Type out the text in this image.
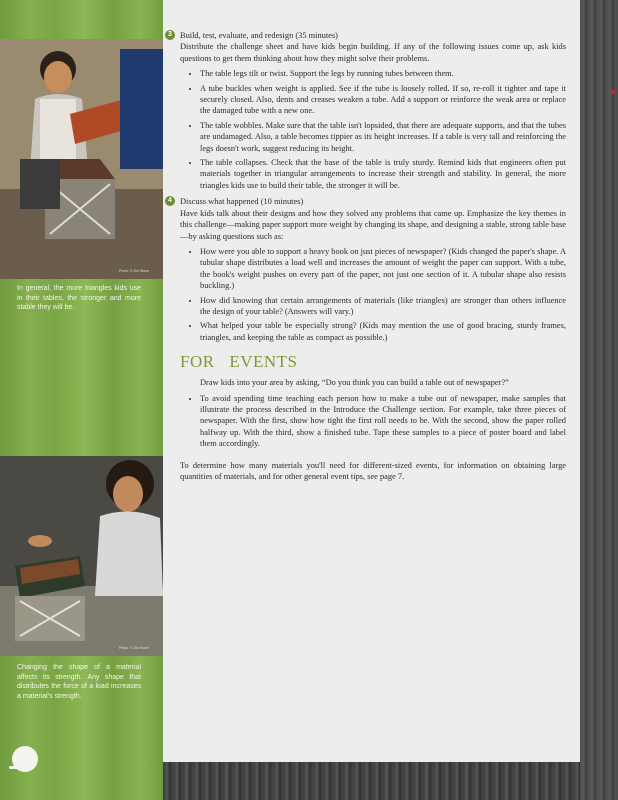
Photo: © Jim Stone
In general, the more triangles kids use in their tables, the stronger and more stable they will be.
Photo: © Jim Stone
Changing the shape of a material affects its strength. Any shape that distributes the force of a load increases a material's strength.
3 Build, test, evaluate, and redesign (35 minutes)

Distribute the challenge sheet and have kids begin building. If any of the following issues come up, ask kids questions to get them thinking about how they might solve their problems.

• The table legs tilt or twist. Support the legs by running tubes between them.
• A tube buckles when weight is applied. See if the tube is loosely rolled. If so, re-roll it tighter and tape it securely closed. Also, dents and creases weaken a tube. Add a support or reinforce the weak area or replace the damaged tube with a new one.
• The table wobbles. Make sure that the table isn't lopsided, that there are adequate supports, and that the tubes are undamaged. Also, a table becomes tippier as its height increases. If a table is very tall and reinforcing the legs doesn't work, suggest reducing its height.
• The table collapses. Check that the base of the table is truly sturdy. Remind kids that engineers often put materials together in triangular arrangements to increase their strength and stability. In general, the more triangles kids use to build their table, the stronger it will be.
4 Discuss what happened (10 minutes)

Have kids talk about their designs and how they solved any problems that came up. Emphasize the key themes in this challenge—making paper support more weight by changing its shape, and designing a stable, strong table base—by asking questions such as:

• How were you able to support a heavy book on just pieces of newspaper? (Kids changed the paper's shape. A tubular shape distributes a load well and increases the amount of weight the paper can support. With a tube, the book's weight pushes on every part of the paper, not just one section of it. A tubular shape also resists buckling.)
• How did knowing that certain arrangements of materials (like triangles) are stronger than others influence the design of your table? (Answers will vary.)
• What helped your table be especially strong? (Kids may mention the use of good bracing, sturdy frames, triangles, and keeping the table as compact as possible.)
FOR EVENTS

Draw kids into your area by asking, “Do you think you can build a table out of newspaper?”

• To avoid spending time teaching each person how to make a tube out of newspaper, make samples that illustrate the process described in the Introduce the Challenge section. For example, take three pieces of newspaper. With the first, show how tight the first roll needs to be. With the second, show the paper rolled halfway up. With the third, show a finished tube. Tape these samples to a piece of poster board and label them accordingly.

To determine how many materials you'll need for different-sized events, for information on obtaining large quantities of materials, and for other general event tips, see page 7.
